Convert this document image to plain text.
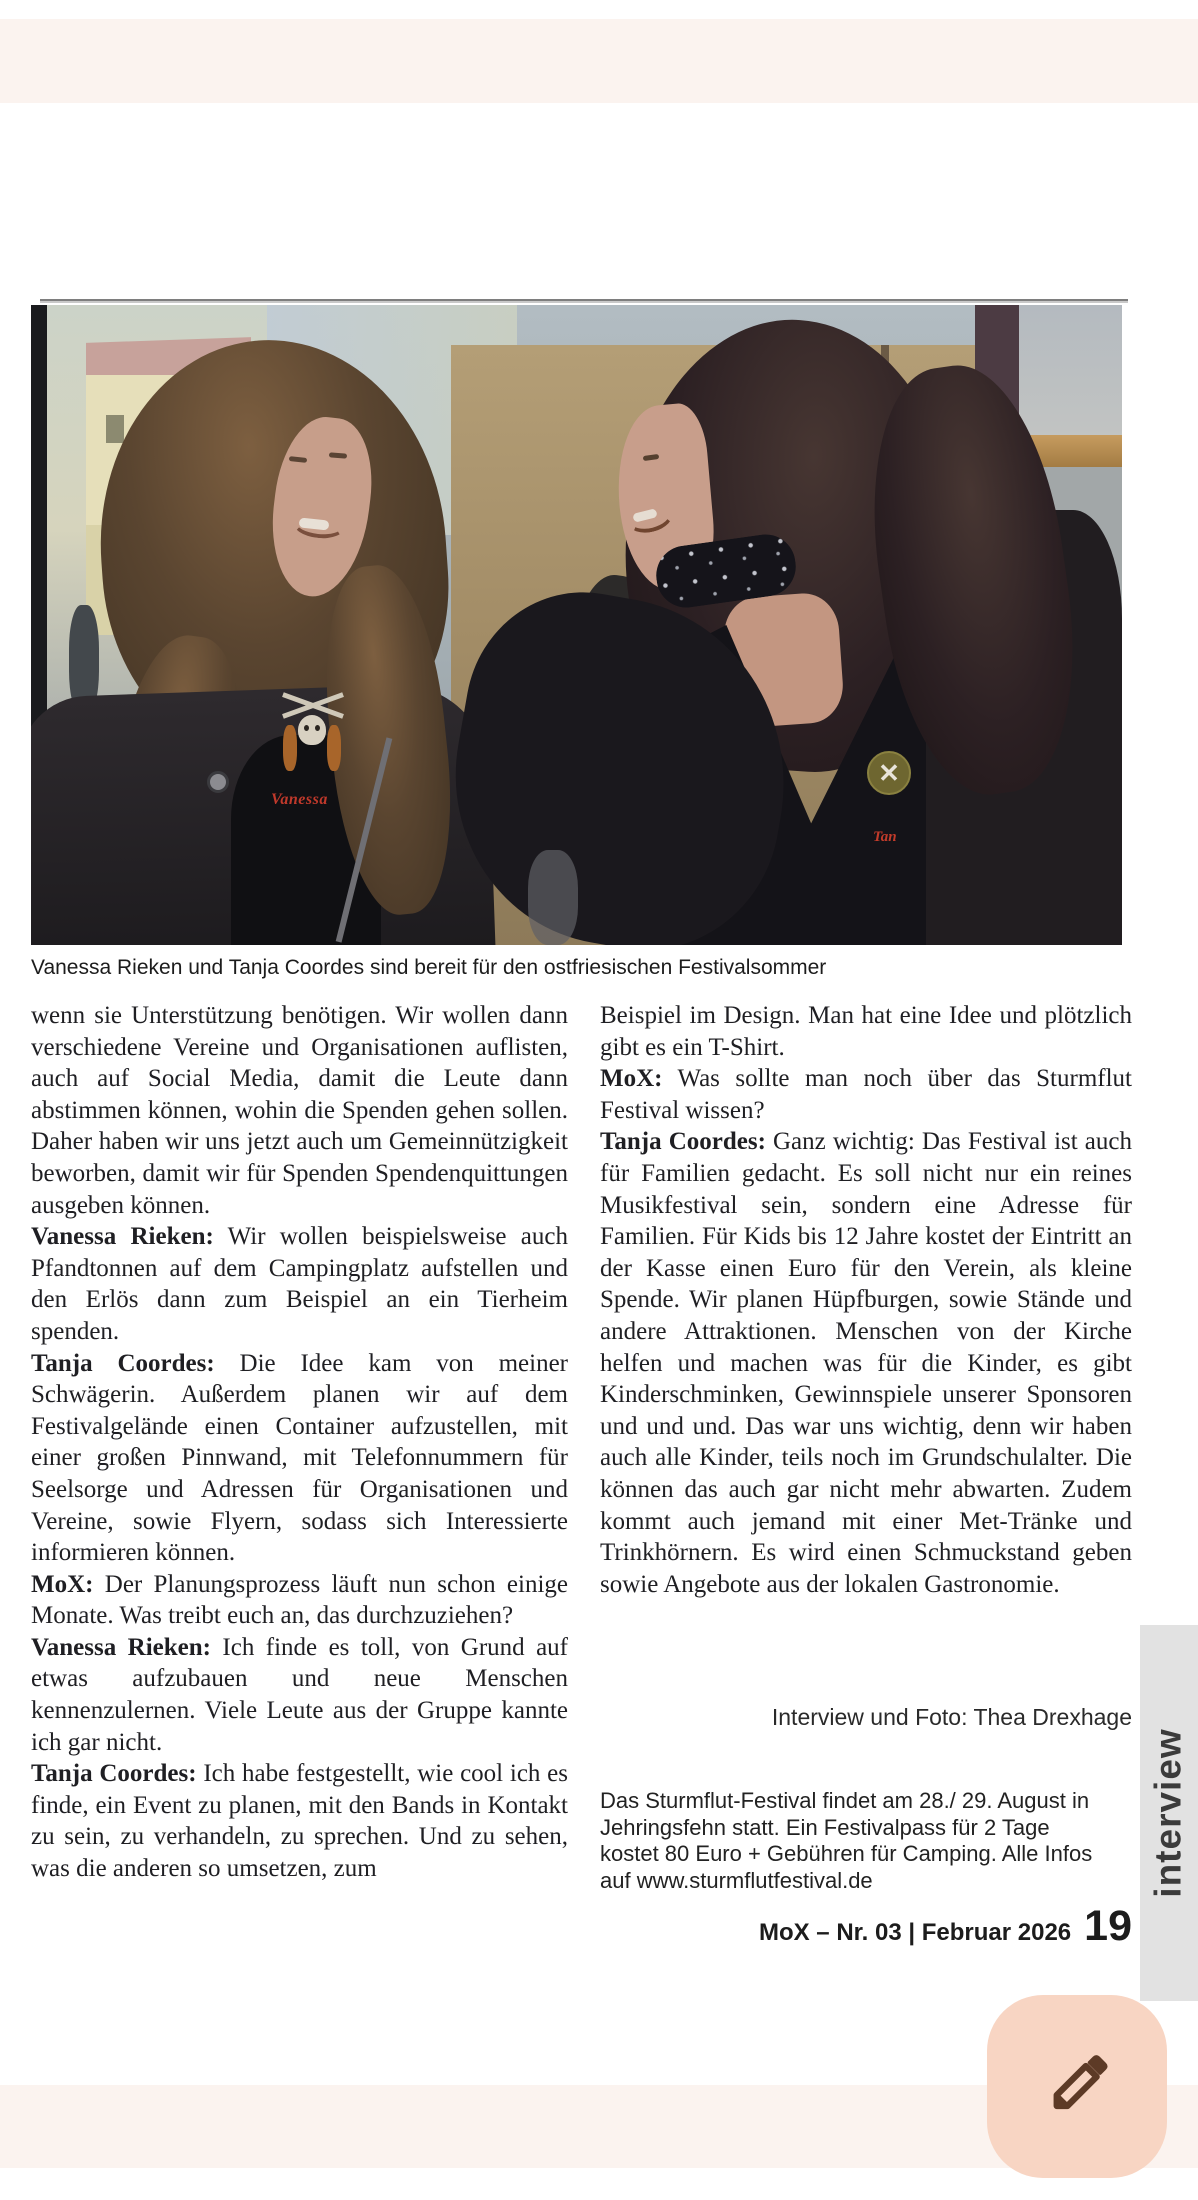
Vanessa
✕
Tan
Vanessa Rieken und Tanja Coordes sind bereit für den ostfriesischen Festivalsommer

wenn sie Unterstützung benötigen. Wir wollen dann verschiedene Vereine und Organisationen auflisten, auch auf Social Media, damit die Leute dann abstimmen können, wohin die Spenden gehen sollen. Daher haben wir uns jetzt auch um Gemeinnützigkeit beworben, damit wir für Spenden Spendenquittungen ausgeben können.

Vanessa Rieken: Wir wollen beispielsweise auch Pfandtonnen auf dem Campingplatz aufstellen und den Erlös dann zum Beispiel an ein Tierheim spenden.

Tanja Coordes: Die Idee kam von meiner Schwägerin. Außerdem planen wir auf dem Festivalgelände einen Container aufzustellen, mit einer großen Pinnwand, mit Telefonnummern für Seelsorge und Adressen für Organisationen und Vereine, sowie Flyern, sodass sich Interessierte informieren können.

MoX: Der Planungsprozess läuft nun schon einige Monate. Was treibt euch an, das durchzuziehen?

Vanessa Rieken: Ich finde es toll, von Grund auf etwas aufzubauen und neue Menschen kennenzulernen. Viele Leute aus der Gruppe kannte ich gar nicht.

Tanja Coordes: Ich habe festgestellt, wie cool ich es finde, ein Event zu planen, mit den Bands in Kontakt zu sein, zu verhandeln, zu sprechen. Und zu sehen, was die anderen so umsetzen, zum

Beispiel im Design. Man hat eine Idee und plötzlich gibt es ein T-Shirt.

MoX: Was sollte man noch über das Sturmflut Festival wissen?

Tanja Coordes: Ganz wichtig: Das Festival ist auch für Familien gedacht. Es soll nicht nur ein reines Musikfestival sein, sondern eine Adresse für Familien. Für Kids bis 12 Jahre kostet der Eintritt an der Kasse einen Euro für den Verein, als kleine Spende. Wir planen Hüpfburgen, sowie Stände und andere Attraktionen. Menschen von der Kirche helfen und machen was für die Kinder, es gibt Kinderschminken, Gewinnspiele unserer Sponsoren und und und. Das war uns wichtig, denn wir haben auch alle Kinder, teils noch im Grundschulalter. Die können das auch gar nicht mehr abwarten. Zudem kommt auch jemand mit einer Met-Tränke und Trinkhörnern. Es wird einen Schmuckstand geben sowie Angebote aus der lokalen Gastronomie.

Interview und Foto: Thea Drexhage
Das Sturmflut-Festival findet am 28./ 29. August in Jehringsfehn statt. Ein Festivalpass für 2 Tage kostet 80 Euro + Gebühren für Camping. Alle Infos auf www.sturmflutfestival.de
MoX – Nr. 03 | Februar 2026 19
interview
